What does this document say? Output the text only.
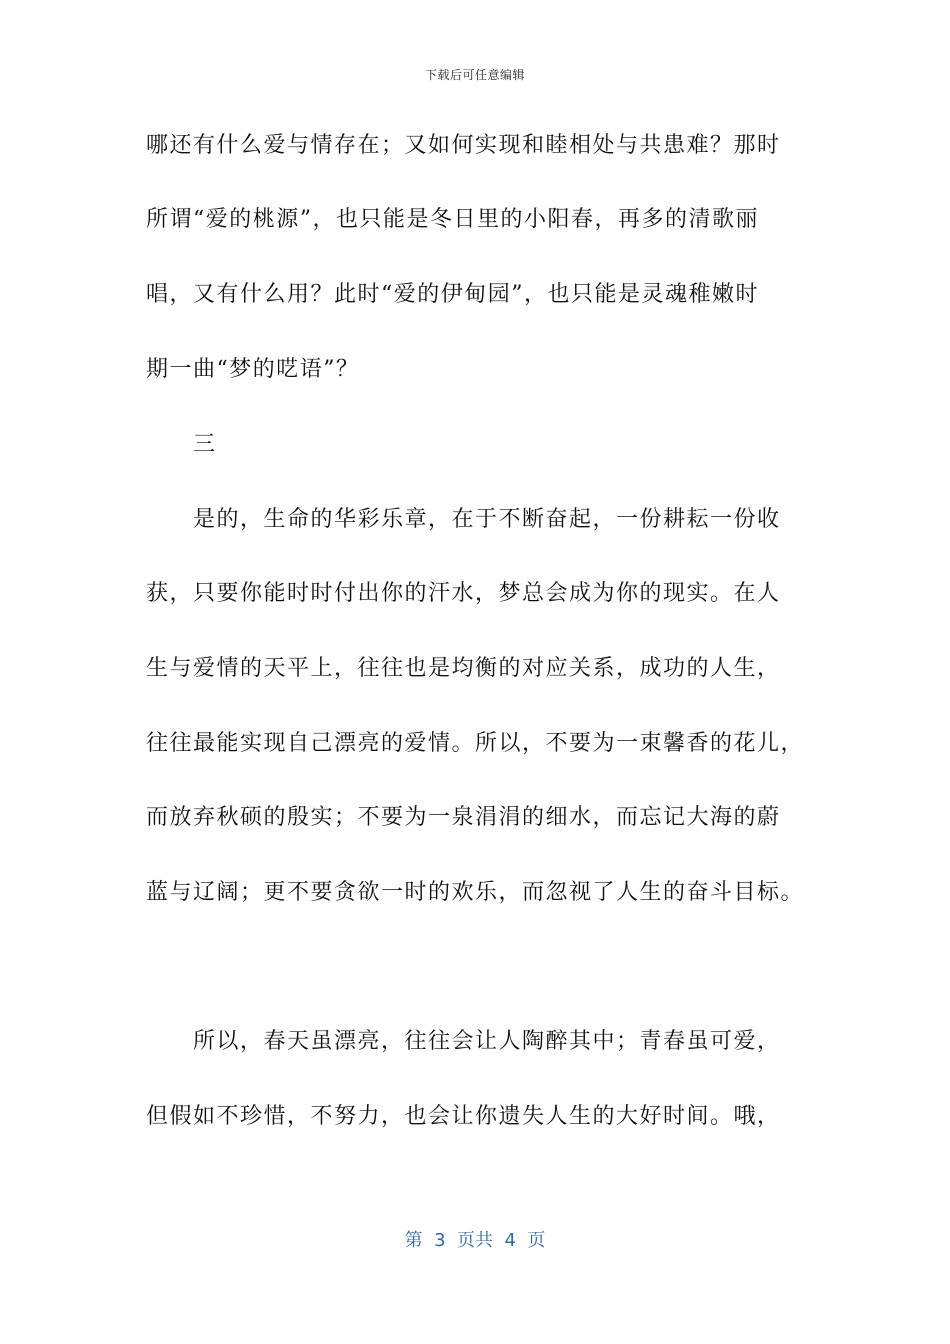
下载后可任意编辑
哪还有什么爱与情存在；又如何实现和睦相处与共患难？那时
所谓“爱的桃源”，也只能是冬日里的小阳春，再多的清歌丽
唱，又有什么用？此时“爱的伊甸园”，也只能是灵魂稚嫩时
期一曲“梦的呓语”？
三
是的，生命的华彩乐章，在于不断奋起，一份耕耘一份收
获，只要你能时时付出你的汗水，梦总会成为你的现实。在人
生与爱情的天平上，往往也是均衡的对应关系，成功的人生，
往往最能实现自己漂亮的爱情。所以，不要为一束馨香的花儿，
而放弃秋硕的殷实；不要为一泉涓涓的细水，而忘记大海的蔚
蓝与辽阔；更不要贪欲一时的欢乐，而忽视了人生的奋斗目标。
所以，春天虽漂亮，往往会让人陶醉其中；青春虽可爱，
但假如不珍惜，不努力，也会让你遗失人生的大好时间。哦，
第  3  页共  4  页
